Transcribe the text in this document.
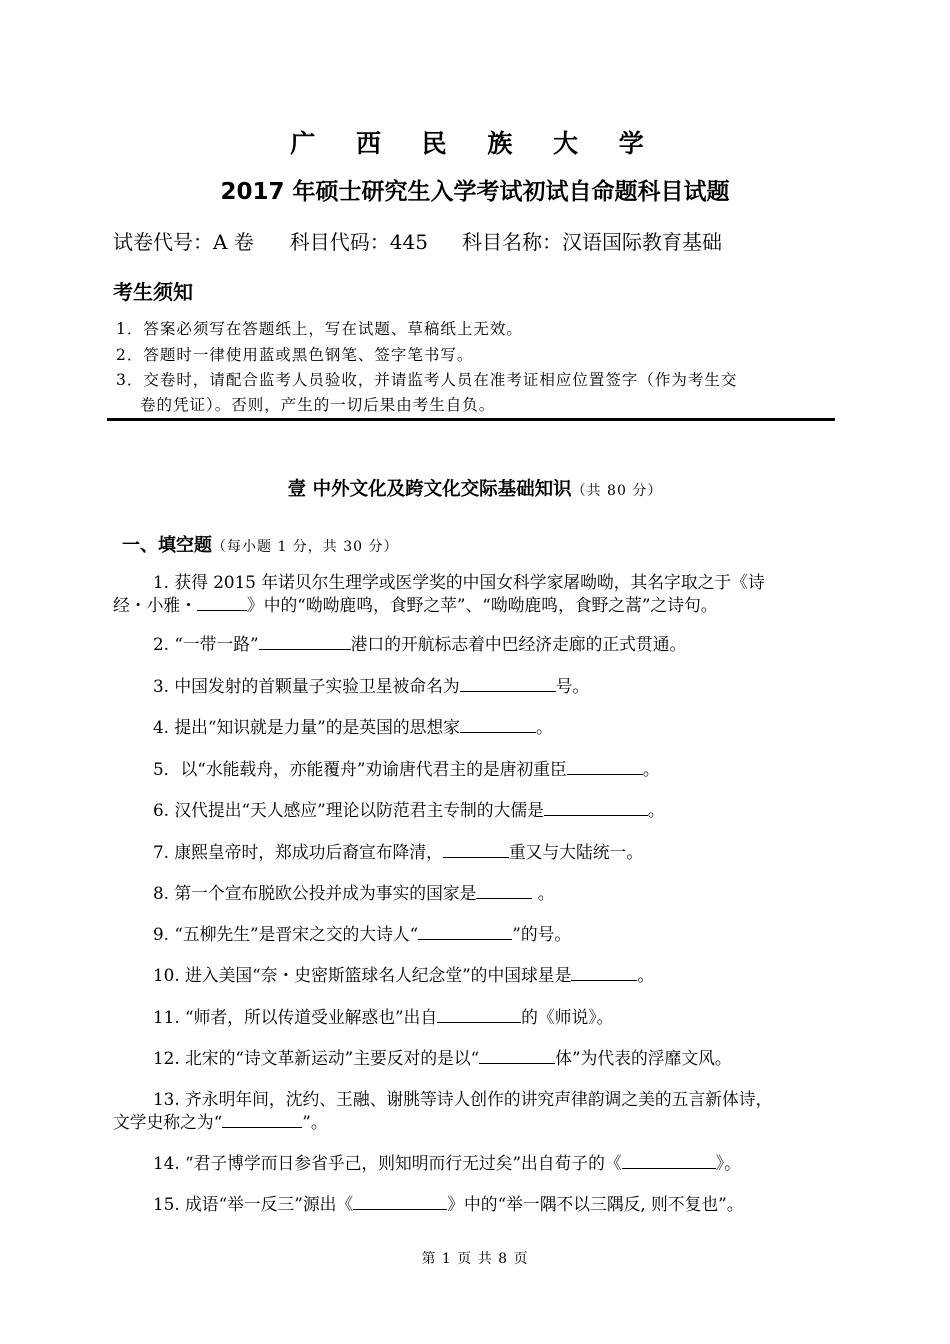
广 西 民 族 大 学
2017 年硕士研究生入学考试初试自命题科目试题
试卷代号：A 卷 科目代码：445 科目名称：汉语国际教育基础
考生须知
1．答案必须写在答题纸上，写在试题、草稿纸上无效。
2．答题时一律使用蓝或黑色钢笔、签字笔书写。
3．交卷时，请配合监考人员验收，并请监考人员在准考证相应位置签字（作为考生交
卷的凭证）。否则，产生的一切后果由考生自负。
壹 中外文化及跨文化交际基础知识（共 80 分）
一、填空题（每小题 1 分，共 30 分）
1. 获得 2015 年诺贝尔生理学或医学奖的中国女科学家屠呦呦，其名字取之于《诗
经・小雅・	》中的“呦呦鹿鸣，食野之苹”、“呦呦鹿鸣，食野之蒿”之诗句。
2. “一带一路”	港口的开航标志着中巴经济走廊的正式贯通。
3. 中国发射的首颗量子实验卫星被命名为	号。
4. 提出“知识就是力量”的是英国的思想家	。
5．以“水能载舟，亦能覆舟”劝谕唐代君主的是唐初重臣	。
6. 汉代提出“天人感应”理论以防范君主专制的大儒是	。
7. 康熙皇帝时，郑成功后裔宣布降清，	重又与大陆统一。
8. 第一个宣布脱欧公投并成为事实的国家是	。
9. “五柳先生”是晋宋之交的大诗人“	”的号。
10. 进入美国“奈・史密斯篮球名人纪念堂”的中国球星是	。
11. “师者，所以传道受业解惑也”出自	的《师说》。
12. 北宋的“诗文革新运动”主要反对的是以“	体”为代表的浮靡文风。
13. 齐永明年间，沈约、王融、谢朓等诗人创作的讲究声律韵调之美的五言新体诗，
文学史称之为“	”。
14. “君子博学而日参省乎己，则知明而行无过矣”出自荀子的《	》。
15. 成语“举一反三”源出《	》中的“举一隅不以三隅反, 则不复也”。
第 1 页 共 8 页
